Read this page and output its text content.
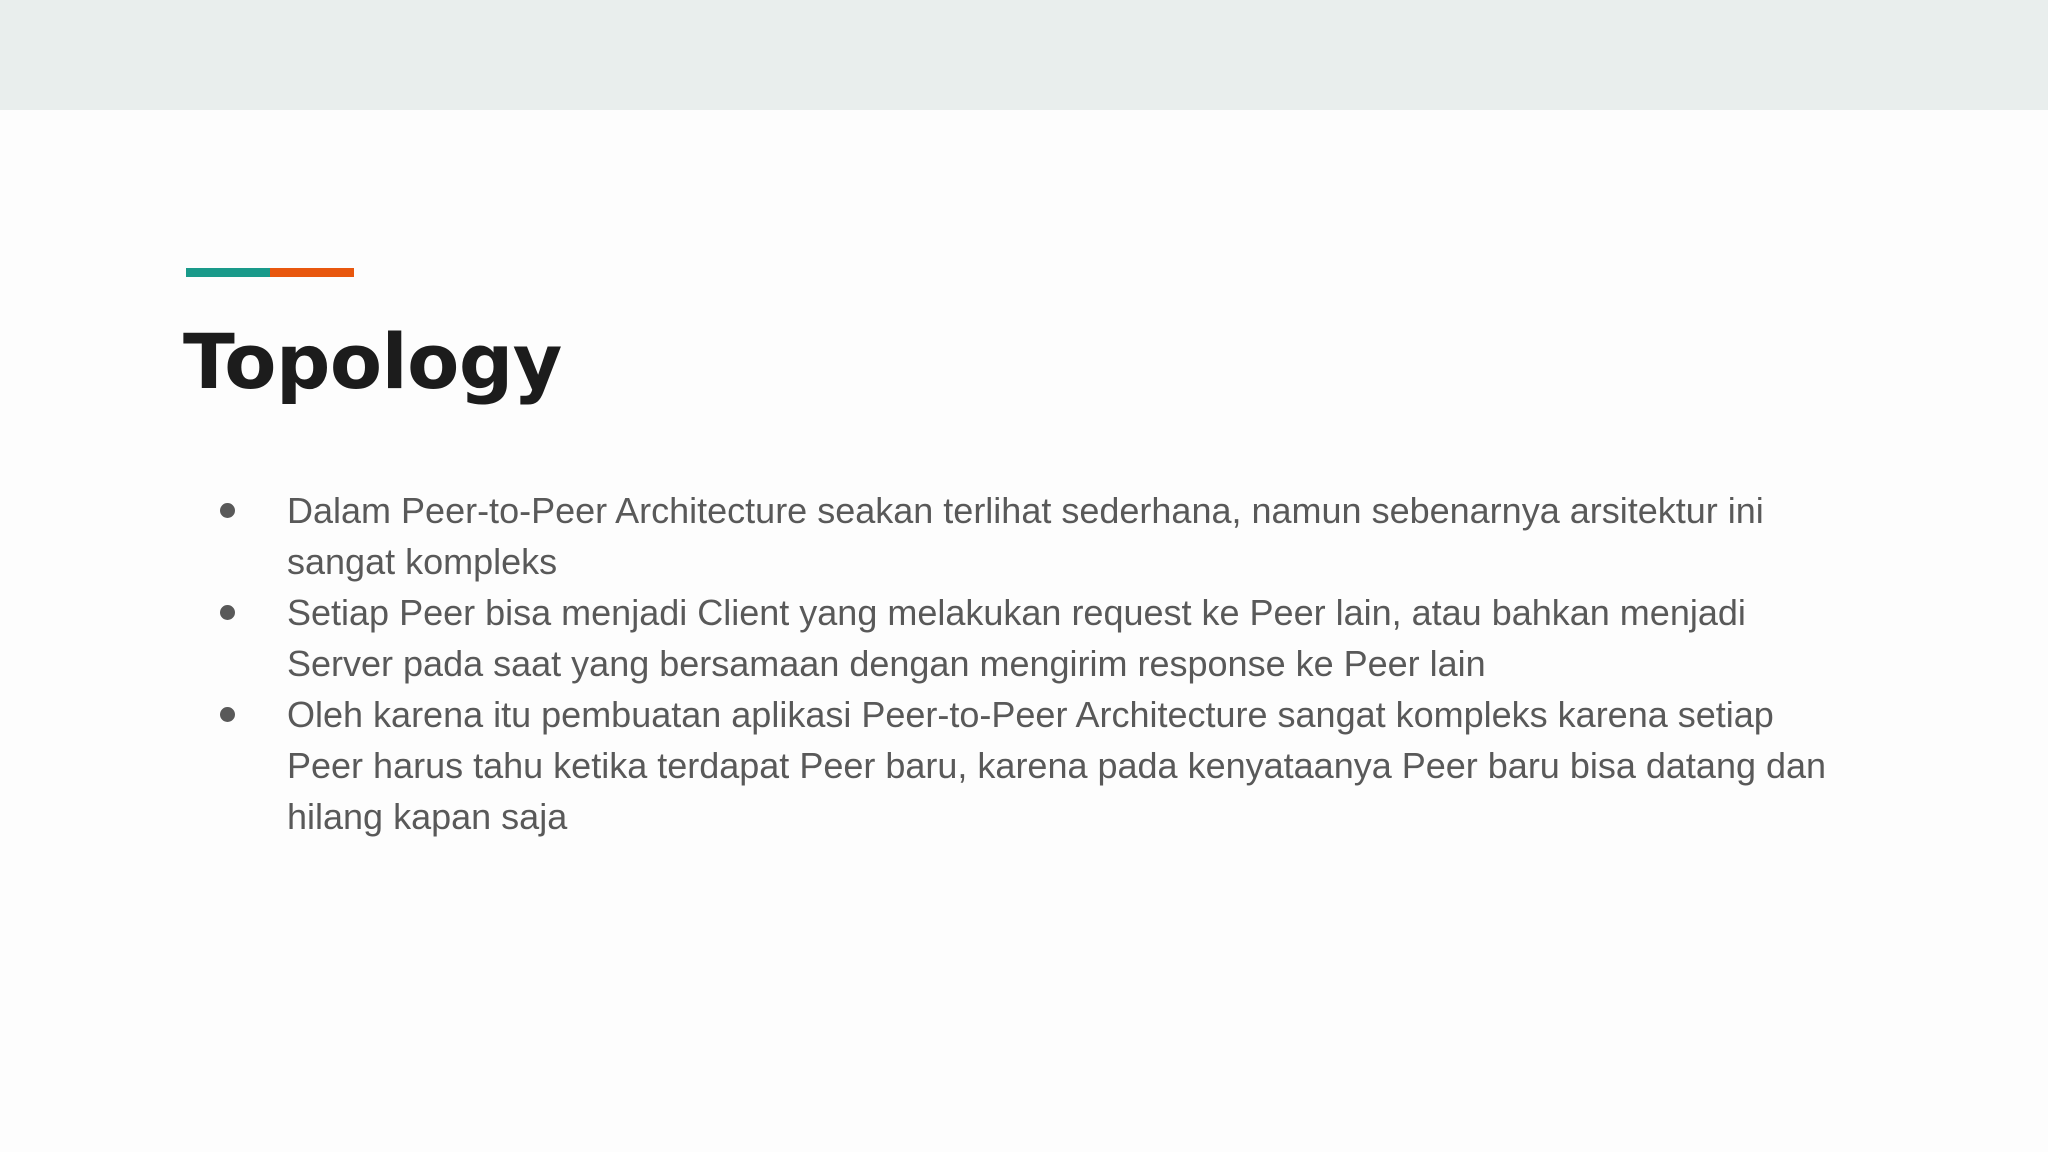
Topology
Dalam Peer-to-Peer Architecture seakan terlihat sederhana, namun sebenarnya arsitektur ini sangat kompleks
Setiap Peer bisa menjadi Client yang melakukan request ke Peer lain, atau bahkan menjadi Server pada saat yang bersamaan dengan mengirim response ke Peer lain
Oleh karena itu pembuatan aplikasi Peer-to-Peer Architecture sangat kompleks karena setiap Peer harus tahu ketika terdapat Peer baru, karena pada kenyataanya Peer baru bisa datang dan hilang kapan saja
